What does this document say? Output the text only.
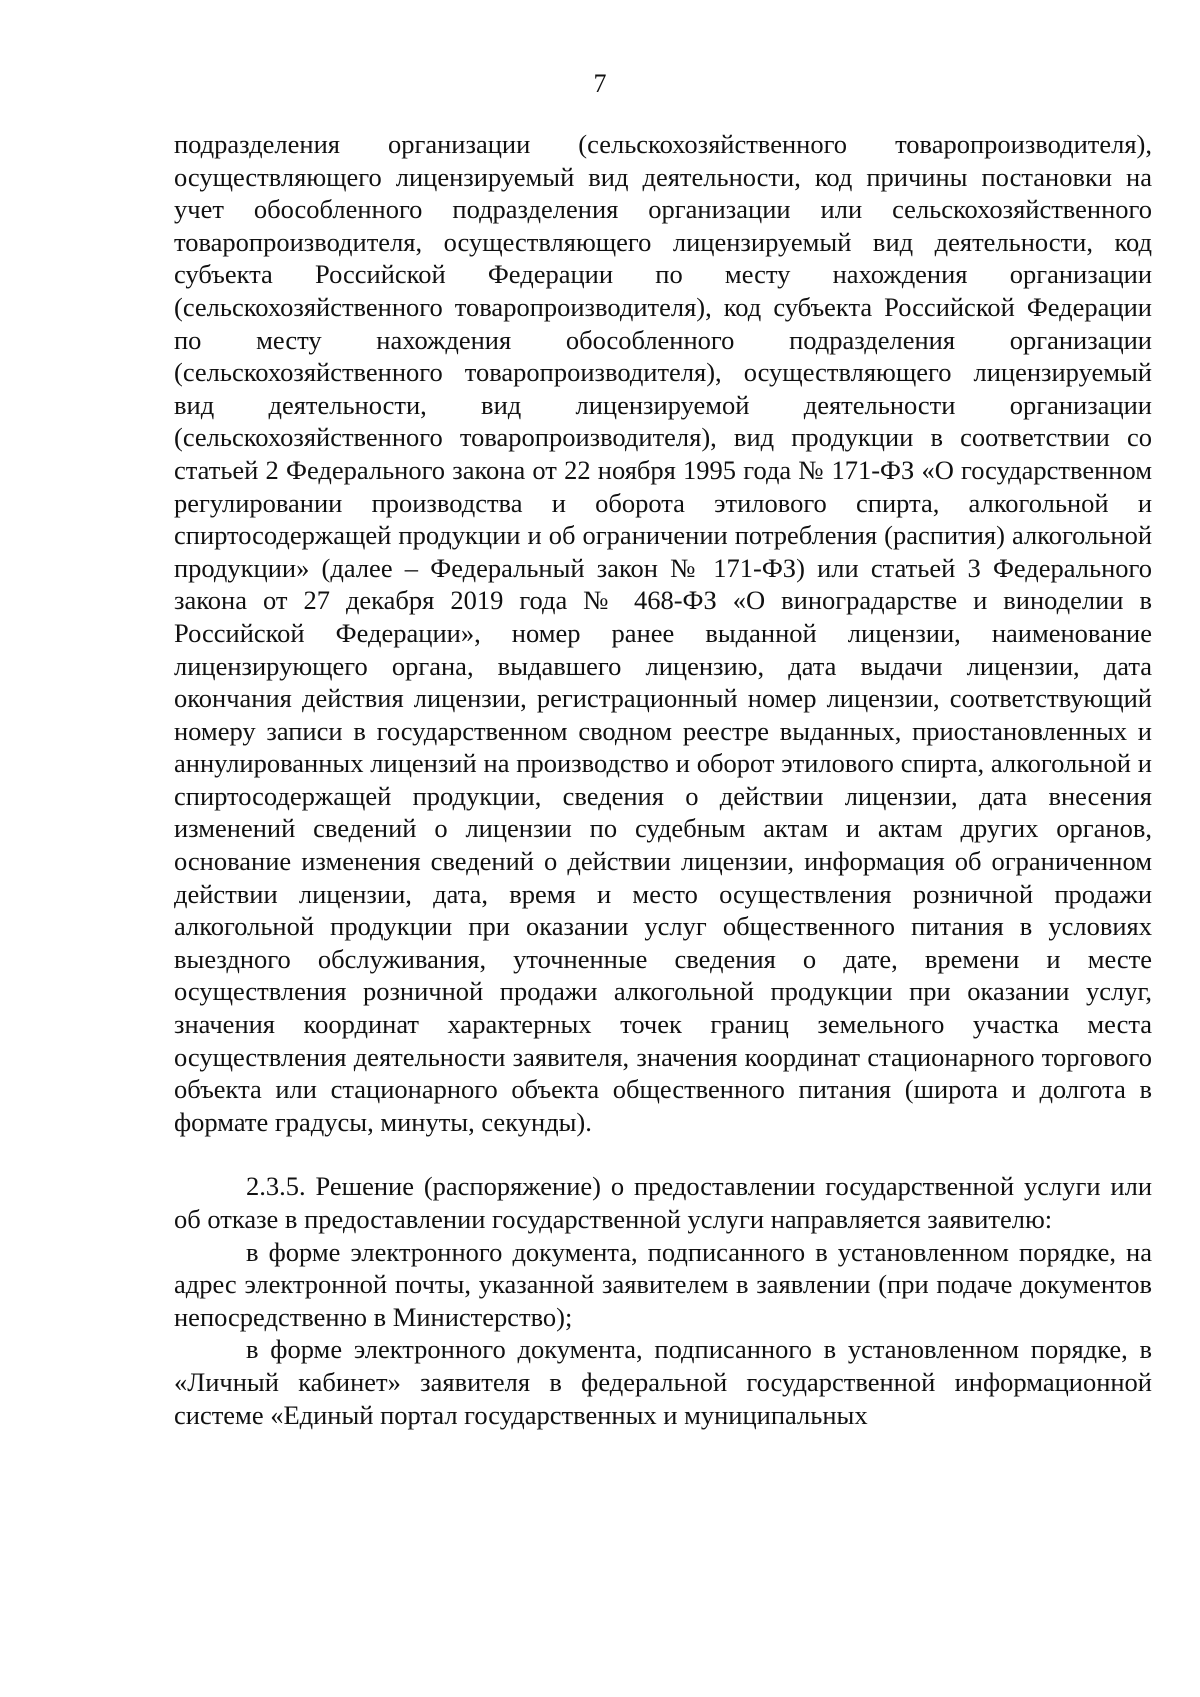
7

подразделения организации (сельскохозяйственного товаропроизводителя), осуществляющего лицензируемый вид деятельности, код причины постановки на учет обособленного подразделения организации или сельскохозяйственного товаропроизводителя, осуществляющего лицензируемый вид деятельности, код субъекта Российской Федерации по месту нахождения организации (сельскохозяйственного товаропроизводителя), код субъекта Российской Федерации по месту нахождения обособленного подразделения организации (сельскохозяйственного товаропроизводителя), осуществляющего лицензируемый вид деятельности, вид лицензируемой деятельности организации (сельскохозяйственного товаропроизводителя), вид продукции в соответствии со статьей 2 Федерального закона от 22 ноября 1995 года № 171-ФЗ «О государственном регулировании производства и оборота этилового спирта, алкогольной и спиртосодержащей продукции и об ограничении потребления (распития) алкогольной продукции» (далее – Федеральный закон № 171-ФЗ) или статьей 3 Федерального закона от 27 декабря 2019 года № 468-ФЗ «О виноградарстве и виноделии в Российской Федерации», номер ранее выданной лицензии, наименование лицензирующего органа, выдавшего лицензию, дата выдачи лицензии, дата окончания действия лицензии, регистрационный номер лицензии, соответствующий номеру записи в государственном сводном реестре выданных, приостановленных и аннулированных лицензий на производство и оборот этилового спирта, алкогольной и спиртосодержащей продукции, сведения о действии лицензии, дата внесения изменений сведений о лицензии по судебным актам и актам других органов, основание изменения сведений о действии лицензии, информация об ограниченном действии лицензии, дата, время и место осуществления розничной продажи алкогольной продукции при оказании услуг общественного питания в условиях выездного обслуживания, уточненные сведения о дате, времени и месте осуществления розничной продажи алкогольной продукции при оказании услуг, значения координат характерных точек границ земельного участка места осуществления деятельности заявителя, значения координат стационарного торгового объекта или стационарного объекта общественного питания (широта и долгота в формате градусы, минуты, секунды).

2.3.5. Решение (распоряжение) о предоставлении государственной услуги или об отказе в предоставлении государственной услуги направляется заявителю:

в форме электронного документа, подписанного в установленном порядке, на адрес электронной почты, указанной заявителем в заявлении (при подаче документов непосредственно в Министерство);

в форме электронного документа, подписанного в установленном порядке, в «Личный кабинет» заявителя в федеральной государственной информационной системе «Единый портал государственных и муниципальных
